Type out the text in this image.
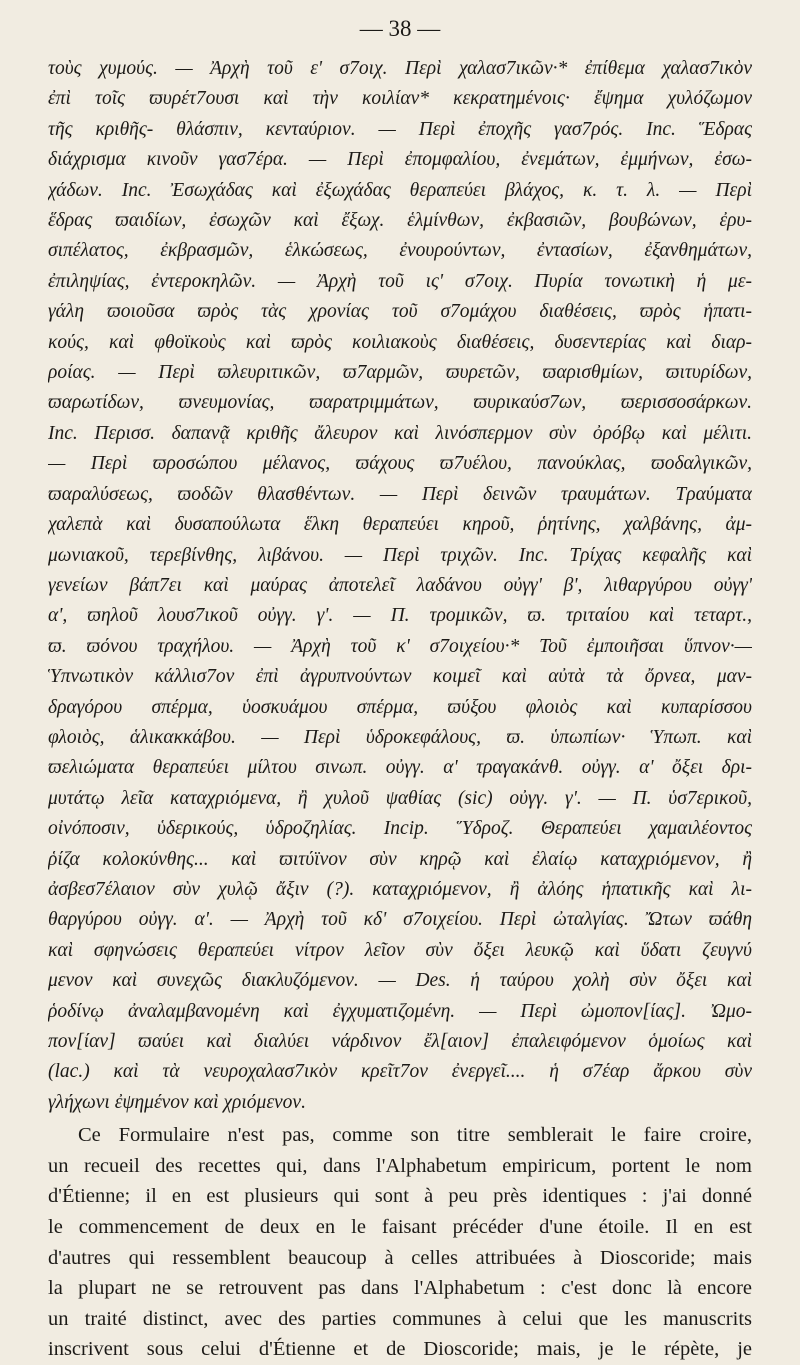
— 38 —
τοὺς χυμούς. — Ἀρχὴ τοῦ ε' σ7οιχ. Περὶ χαλασ7ικῶν·* ἐπίθεμα χαλασ7ικὸν
ἐπὶ τοῖς ϖυρέτ7ουσι καὶ τὴν κοιλίαν* κεκρατημένοις· ἔψημα χυλόζωμον
τῆς κριθῆς- θλάσπιν, κενταύριον. — Περὶ ἐποχῆς γασ7ρός. Inc. Ἕδρας
διάχρισμα κινοῦν γασ7έρα. — Περὶ ἐπομφαλίου, ἐνεμάτων, ἐμμήνων, ἐσω-
χάδων. Inc. Ἐσωχάδας καὶ ἐξωχάδας θεραπεύει βλάχος, κ. τ. λ. — Περὶ
ἕδρας ϖαιδίων, ἐσωχῶν καὶ ἔξωχ. ἑλμίνθων, ἐκβασιῶν, βουβώνων, ἐρυ-
σιπέλατος, ἐκβρασμῶν, ἑλκώσεως, ἐνουρούντων, ἐντασίων, ἐξανθημάτων,
ἐπιληψίας, ἐντεροκηλῶν. — Ἀρχὴ τοῦ ις' σ7οιχ. Πυρία τονωτικὴ ἡ με-
γάλη ϖοιοῦσα ϖρὸς τὰς χρονίας τοῦ σ7ομάχου διαθέσεις, ϖρὸς ἡπατι-
κούς, καὶ φθοϊκοὺς καὶ ϖρὸς κοιλιακοὺς διαθέσεις, δυσεντερίας καὶ διαρ-
ροίας. — Περὶ ϖλευριτικῶν, ϖ7αρμῶν, ϖυρετῶν, ϖαρισθμίων, ϖιτυρίδων,
ϖαρωτίδων, ϖνευμονίας, ϖαρατριμμάτων, ϖυρικαύσ7ων, ϖερισσοσάρκων.
Inc. Περισσ. δαπανᾷ κριθῆς ἄλευρον καὶ λινόσπερμον σὺν ὀρόβῳ καὶ μέλιτι.
— Περὶ ϖροσώπου μέλανος, ϖάχους ϖ7υέλου, πανούκλας, ϖοδαλγικῶν,
ϖαραλύσεως, ϖοδῶν θλασθέντων. — Περὶ δεινῶν τραυμάτων. Τραύματα
χαλεπὰ καὶ δυσαπούλωτα ἕλκη θεραπεύει κηροῦ, ῥητίνης, χαλβάνης, ἀμ-
μωνιακοῦ, τερεβίνθης, λιβάνου. — Περὶ τριχῶν. Inc. Τρίχας κεφαλῆς καὶ
γενείων βάπ7ει καὶ μαύρας ἀποτελεῖ λαδάνου οὐγγ' β', λιθαργύρου οὐγγ'
α', ϖηλοῦ λουσ7ικοῦ οὐγγ. γ'. — Π. τρομικῶν, ϖ. τριταίου καὶ τεταρτ.,
ϖ. ϖόνου τραχήλου. — Ἀρχὴ τοῦ κ' σ7οιχείου·* Τοῦ ἐμποιῆσαι ὕπνον·—
Ὑπνωτικὸν κάλλισ7ον ἐπὶ ἀγρυπνούντων κοιμεῖ καὶ αὐτὰ τὰ ὄρνεα, μαν-
δραγόρου σπέρμα, ὑοσκυάμου σπέρμα, ϖύξου φλοιὸς καὶ κυπαρίσσου
φλοιὸς, ἁλικακκάβου. — Περὶ ὑδροκεφάλους, ϖ. ὑπωπίων· Ὑπωπ. καὶ
ϖελιώματα θεραπεύει μίλτου σινωπ. οὐγγ. α' τραγακάνθ. οὐγγ. α' ὄξει δρι-
μυτάτῳ λεῖα καταχριόμενα, ἢ χυλοῦ ψαθίας (sic) οὐγγ. γ'. — Π. ὑσ7ερικοῦ,
οἰνόποσιν, ὑδερικούς, ὑδροζηλίας. Incip. Ὕδροζ. Θεραπεύει χαμαιλέοντος
ῥίζα κολοκύνθης... καὶ ϖιτύϊνον σὺν κηρῷ καὶ ἐλαίῳ καταχριόμενον, ἢ
ἀσβεσ7έλαιον σὺν χυλῷ ἄξιν (?). καταχριόμενον, ἢ ἀλόης ἡπατικῆς καὶ λι-
θαργύρου οὐγγ. α'. — Ἀρχὴ τοῦ κδ' σ7οιχείου. Περὶ ὠταλγίας. Ὤτων ϖάθη
καὶ σφηνώσεις θεραπεύει νίτρον λεῖον σὺν ὄξει λευκῷ καὶ ὕδατι ζευγνύ
μενον καὶ συνεχῶς διακλυζόμενον. — Des. ἡ ταύρου χολὴ σὺν ὄξει καὶ
ῥοδίνῳ ἀναλαμβανομένη καὶ ἐγχυματιζομένη. — Περὶ ὠμοπον[ίας]. Ὠμο-
πον[ίαν] ϖαύει καὶ διαλύει νάρδινον ἔλ[αιον] ἐπαλειφόμενον ὁμοίως καὶ
(lac.) καὶ τὰ νευροχαλασ7ικὸν κρεῖτ7ον ἐνεργεῖ.... ἡ σ7έαρ ἄρκου σὺν
γλήχωνι ἐψημένον καὶ χριόμενον.
Ce Formulaire n'est pas, comme son titre semblerait le faire croire,
un recueil des recettes qui, dans l'Alphabetum empiricum, portent le nom
d'Étienne; il en est plusieurs qui sont à peu près identiques : j'ai donné
le commencement de deux en le faisant précéder d'une étoile. Il en est
d'autres qui ressemblent beaucoup à celles attribuées à Dioscoride; mais
la plupart ne se retrouvent pas dans l'Alphabetum : c'est donc là encore
un traité distinct, avec des parties communes à celui que les manuscrits
inscrivent sous celui d'Étienne et de Dioscoride; mais, je le répète, je
